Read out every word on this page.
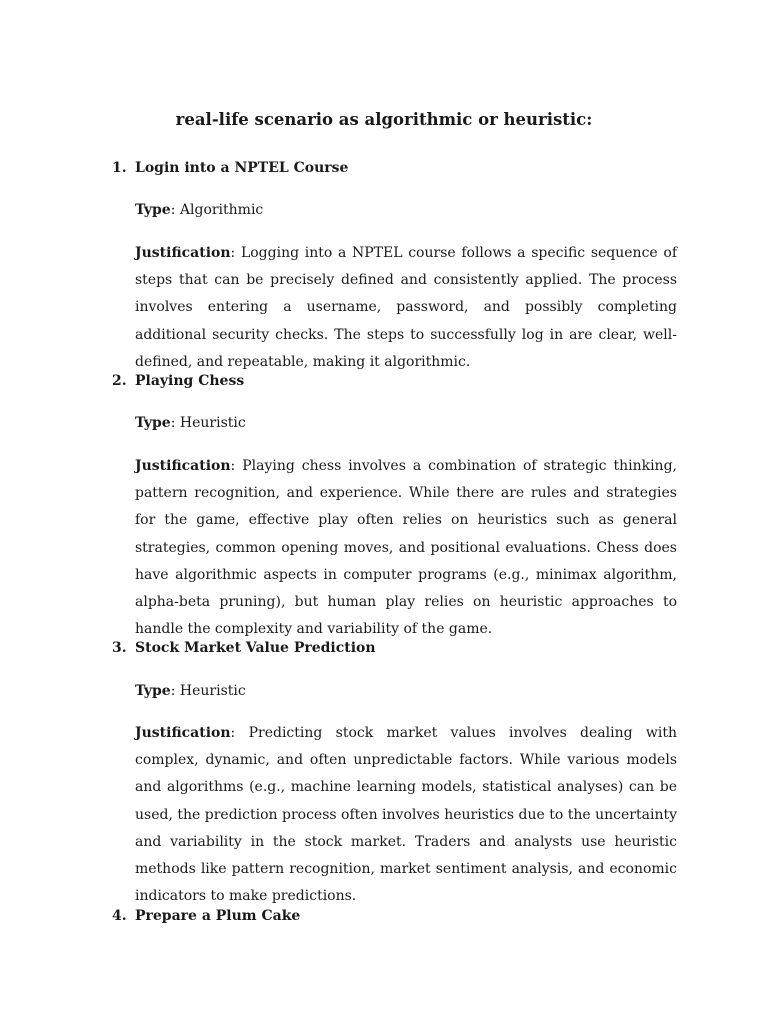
real-life scenario as algorithmic or heuristic:

1. Login into a NPTEL Course

Type: Algorithmic

Justification: Logging into a NPTEL course follows a specific sequence of steps that can be precisely defined and consistently applied. The process involves entering a username, password, and possibly completing additional security checks. The steps to successfully log in are clear, well-defined, and repeatable, making it algorithmic.

2. Playing Chess

Type: Heuristic

Justification: Playing chess involves a combination of strategic thinking, pattern recognition, and experience. While there are rules and strategies for the game, effective play often relies on heuristics such as general strategies, common opening moves, and positional evaluations. Chess does have algorithmic aspects in computer programs (e.g., minimax algorithm, alpha-beta pruning), but human play relies on heuristic approaches to handle the complexity and variability of the game.

3. Stock Market Value Prediction

Type: Heuristic

Justification: Predicting stock market values involves dealing with complex, dynamic, and often unpredictable factors. While various models and algorithms (e.g., machine learning models, statistical analyses) can be used, the prediction process often involves heuristics due to the uncertainty and variability in the stock market. Traders and analysts use heuristic methods like pattern recognition, market sentiment analysis, and economic indicators to make predictions.

4. Prepare a Plum Cake
